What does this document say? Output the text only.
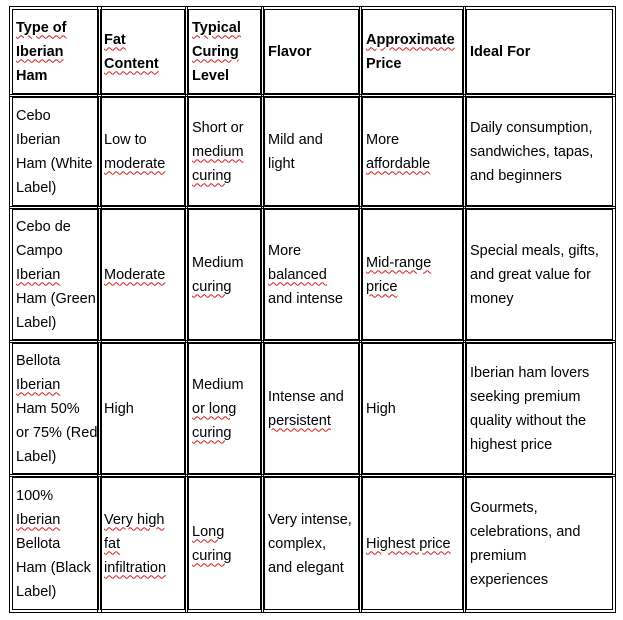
Type of
Iberian
Ham
Fat
Content
Typical
Curing
Level
Flavor
Approximate
Price
Ideal For
Cebo
Iberian
Ham (White
Label)
Low to
moderate
Short or
medium
curing
Mild and
light
More
affordable
Daily consumption,
sandwiches, tapas,
and beginners
Cebo de
Campo
Iberian
Ham (Green
Label)
Moderate
Medium
curing
More
balanced
and intense
Mid-range
price
Special meals, gifts,
and great value for
money
Bellota
Iberian
Ham 50%
or 75% (Red
Label)
High
Medium
or long
curing
Intense and
persistent
High
Iberian ham lovers
seeking premium
quality without the
highest price
100%
Iberian
Bellota
Ham (Black
Label)
Very high
fat
infiltration
Long
curing
Very intense,
complex,
and elegant
Highest price
Gourmets,
celebrations, and
premium
experiences
